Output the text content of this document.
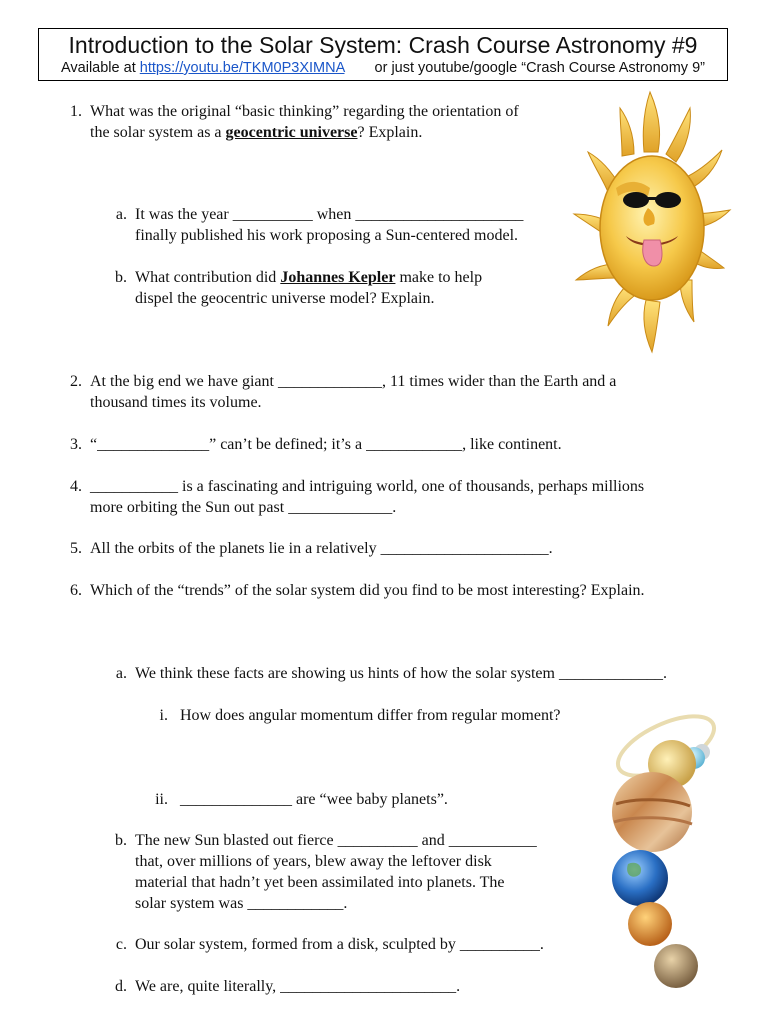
Introduction to the Solar System: Crash Course Astronomy #9
Available at https://youtu.be/TKM0P3XIMNA or just youtube/google “Crash Course Astronomy 9”
1. What was the original “basic thinking” regarding the orientation of
the solar system as a geocentric universe? Explain.
a. It was the year __________ when _____________________
finally published his work proposing a Sun-centered model.
b. What contribution did Johannes Kepler make to help
dispel the geocentric universe model? Explain.
2. At the big end we have giant _____________, 11 times wider than the Earth and a
thousand times its volume.
3. “______________” can’t be defined; it’s a ____________, like continent.
4. ___________ is a fascinating and intriguing world, one of thousands, perhaps millions
more orbiting the Sun out past _____________.
5. All the orbits of the planets lie in a relatively _____________________.
6. Which of the “trends” of the solar system did you find to be most interesting? Explain.
a. We think these facts are showing us hints of how the solar system _____________.
i. How does angular momentum differ from regular moment?
ii. ______________ are “wee baby planets”.
b. The new Sun blasted out fierce __________ and ___________
that, over millions of years, blew away the leftover disk
material that hadn’t yet been assimilated into planets. The
solar system was ____________.
c. Our solar system, formed from a disk, sculpted by __________.
d. We are, quite literally, ______________________.
